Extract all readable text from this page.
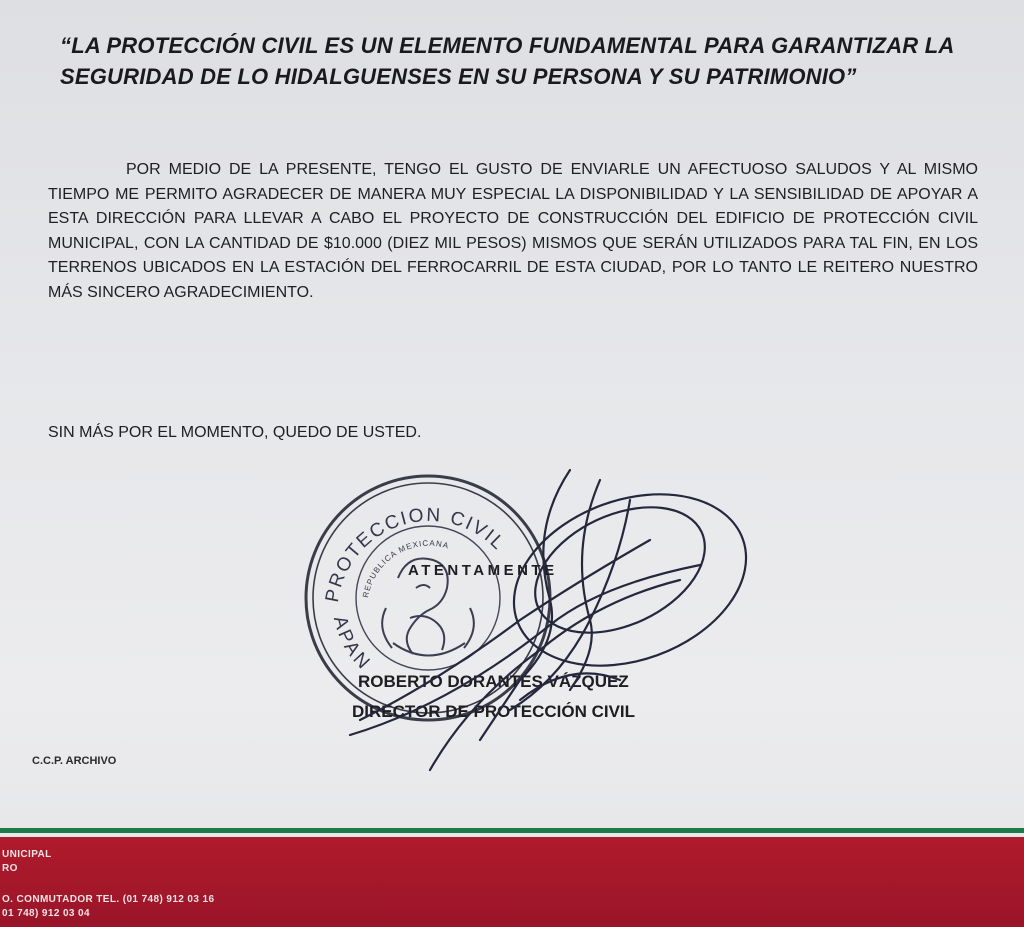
“LA PROTECCIÓN CIVIL ES UN ELEMENTO FUNDAMENTAL PARA GARANTIZAR LA SEGURIDAD DE LO HIDALGUENSES EN SU PERSONA Y SU PATRIMONIO”

POR MEDIO DE LA PRESENTE, TENGO EL GUSTO DE ENVIARLE UN AFECTUOSO SALUDOS Y AL MISMO TIEMPO ME PERMITO AGRADECER DE MANERA MUY ESPECIAL LA DISPONIBILIDAD Y LA SENSIBILIDAD DE APOYAR A ESTA DIRECCIÓN PARA LLEVAR A CABO EL PROYECTO DE CONSTRUCCIÓN DEL EDIFICIO DE PROTECCIÓN CIVIL MUNICIPAL, CON LA CANTIDAD DE $10.000 (DIEZ MIL PESOS) MISMOS QUE SERÁN UTILIZADOS PARA TAL FIN, EN LOS TERRENOS UBICADOS EN LA ESTACIÓN DEL FERROCARRIL DE ESTA CIUDAD, POR LO TANTO LE REITERO NUESTRO MÁS SINCERO AGRADECIMIENTO.

SIN MÁS POR EL MOMENTO, QUEDO DE USTED.
PROTECCION CIVIL
REPUBLICA MEXICANA
APAN
ATENTAMENTE
ROBERTO DORANTES VÁZQUEZ
DIRECTOR DE PROTECCIÓN CIVIL
C.C.P. ARCHIVO
UNICIPAL
RO
O. CONMUTADOR TEL. (01 748) 912 03 16
01 748) 912 03 04
